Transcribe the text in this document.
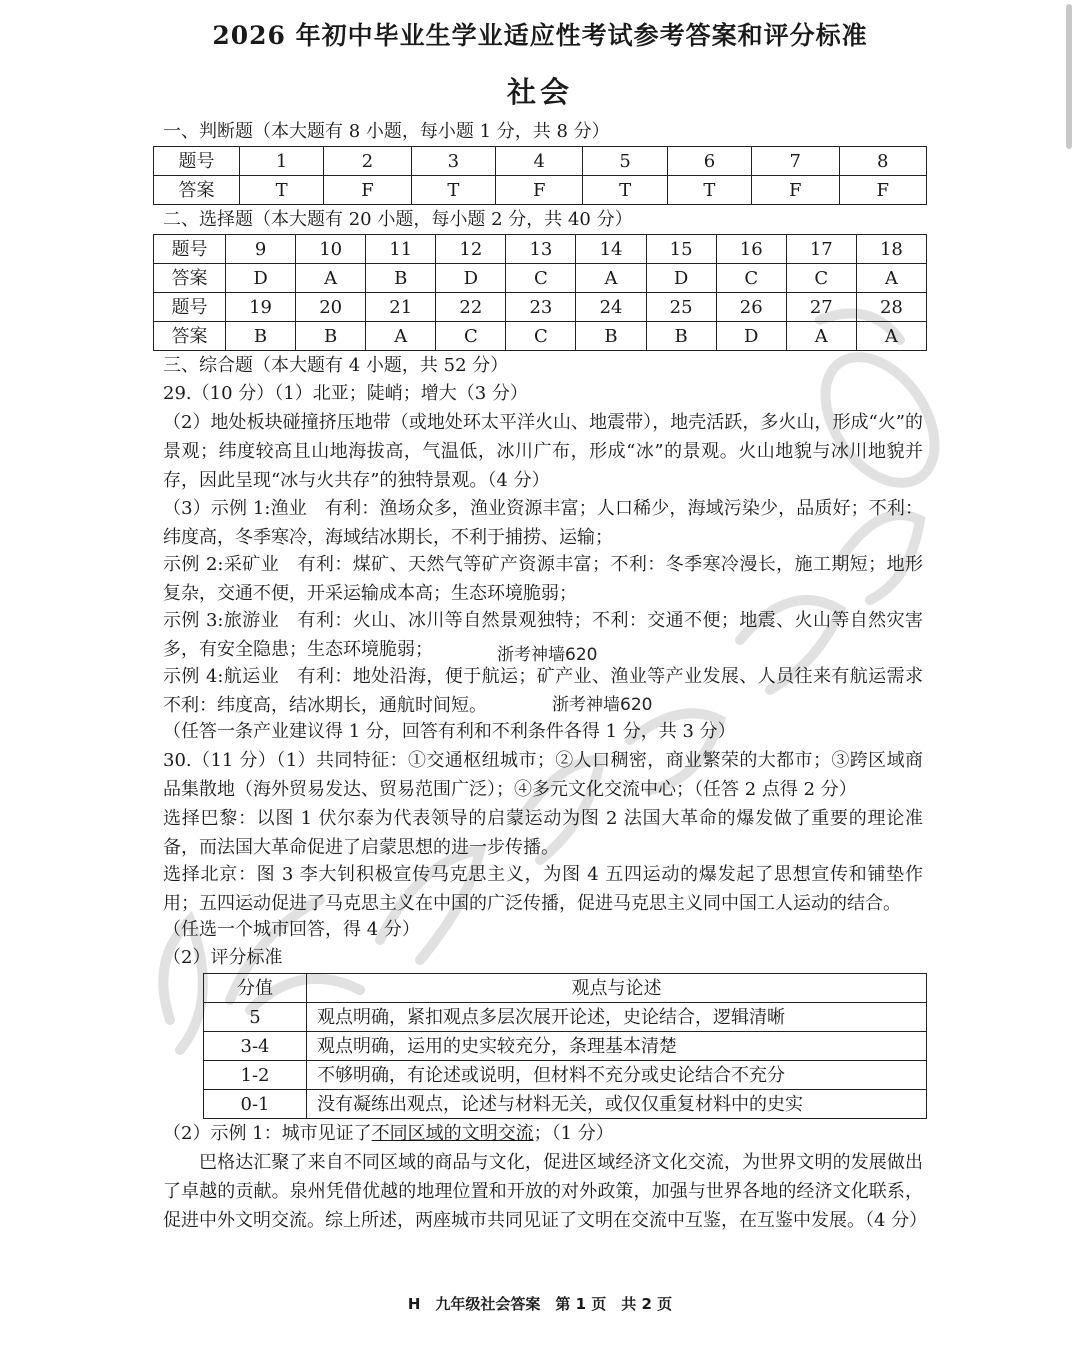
2026 年初中毕业生学业适应性考试参考答案和评分标准
社会
一、判断题（本大题有 8 小题，每小题 1 分，共 8 分）
题号	1	2	3	4	5	6	7	8
答案	T	F	T	F	T	T	F	F
二、选择题（本大题有 20 小题，每小题 2 分，共 40 分）
题号	9	10	11	12	13	14	15	16	17	18
答案	D	A	B	D	C	A	D	C	C	A
题号	19	20	21	22	23	24	25	26	27	28
答案	B	B	A	C	C	B	B	D	A	A
三、综合题（本大题有 4 小题，共 52 分）
29.（10 分）（1）北亚；陡峭；增大（3 分）
（2）地处板块碰撞挤压地带（或地处环太平洋火山、地震带），地壳活跃，多火山，形成“火”的景观；纬度较高且山地海拔高，气温低，冰川广布，形成“冰”的景观。火山地貌与冰川地貌并存，因此呈现“冰与火共存”的独特景观。（4 分）
（3）示例 1:渔业　有利：渔场众多，渔业资源丰富；人口稀少，海域污染少，品质好；不利：纬度高，冬季寒冷，海域结冰期长，不利于捕捞、运输；
示例 2:采矿业　有利：煤矿、天然气等矿产资源丰富；不利：冬季寒冷漫长，施工期短；地形复杂，交通不便，开采运输成本高；生态环境脆弱；
示例 3:旅游业　有利：火山、冰川等自然景观独特；不利：交通不便；地震、火山等自然灾害多，有安全隐患；生态环境脆弱；	浙考神墙620
示例 4:航运业　有利：地处沿海，便于航运；矿产业、渔业等产业发展、人员往来有航运需求 不利：纬度高，结冰期长，通航时间短。	浙考神墙620
（任答一条产业建议得 1 分，回答有利和不利条件各得 1 分，共 3 分）
30.（11 分）（1）共同特征：①交通枢纽城市；②人口稠密，商业繁荣的大都市；③跨区域商品集散地（海外贸易发达、贸易范围广泛）；④多元文化交流中心；（任答 2 点得 2 分）
选择巴黎：以图 1 伏尔泰为代表领导的启蒙运动为图 2 法国大革命的爆发做了重要的理论准备，而法国大革命促进了启蒙思想的进一步传播。
选择北京：图 3 李大钊积极宣传马克思主义，为图 4 五四运动的爆发起了思想宣传和铺垫作用；五四运动促进了马克思主义在中国的广泛传播，促进马克思主义同中国工人运动的结合。
（任选一个城市回答，得 4 分）
（2）评分标准
分值	观点与论述
5	观点明确，紧扣观点多层次展开论述，史论结合，逻辑清晰
3-4	观点明确，运用的史实较充分，条理基本清楚
1-2	不够明确，有论述或说明，但材料不充分或史论结合不充分
0-1	没有凝练出观点，论述与材料无关，或仅仅重复材料中的史实
（2）示例 1：城市见证了不同区域的文明交流；（1 分）
巴格达汇聚了来自不同区域的商品与文化，促进区域经济文化交流，为世界文明的发展做出了卓越的贡献。泉州凭借优越的地理位置和开放的对外政策，加强与世界各地的经济文化联系，促进中外文明交流。综上所述，两座城市共同见证了文明在交流中互鉴，在互鉴中发展。（4 分）
H　九年级社会答案　第 1 页　共 2 页
